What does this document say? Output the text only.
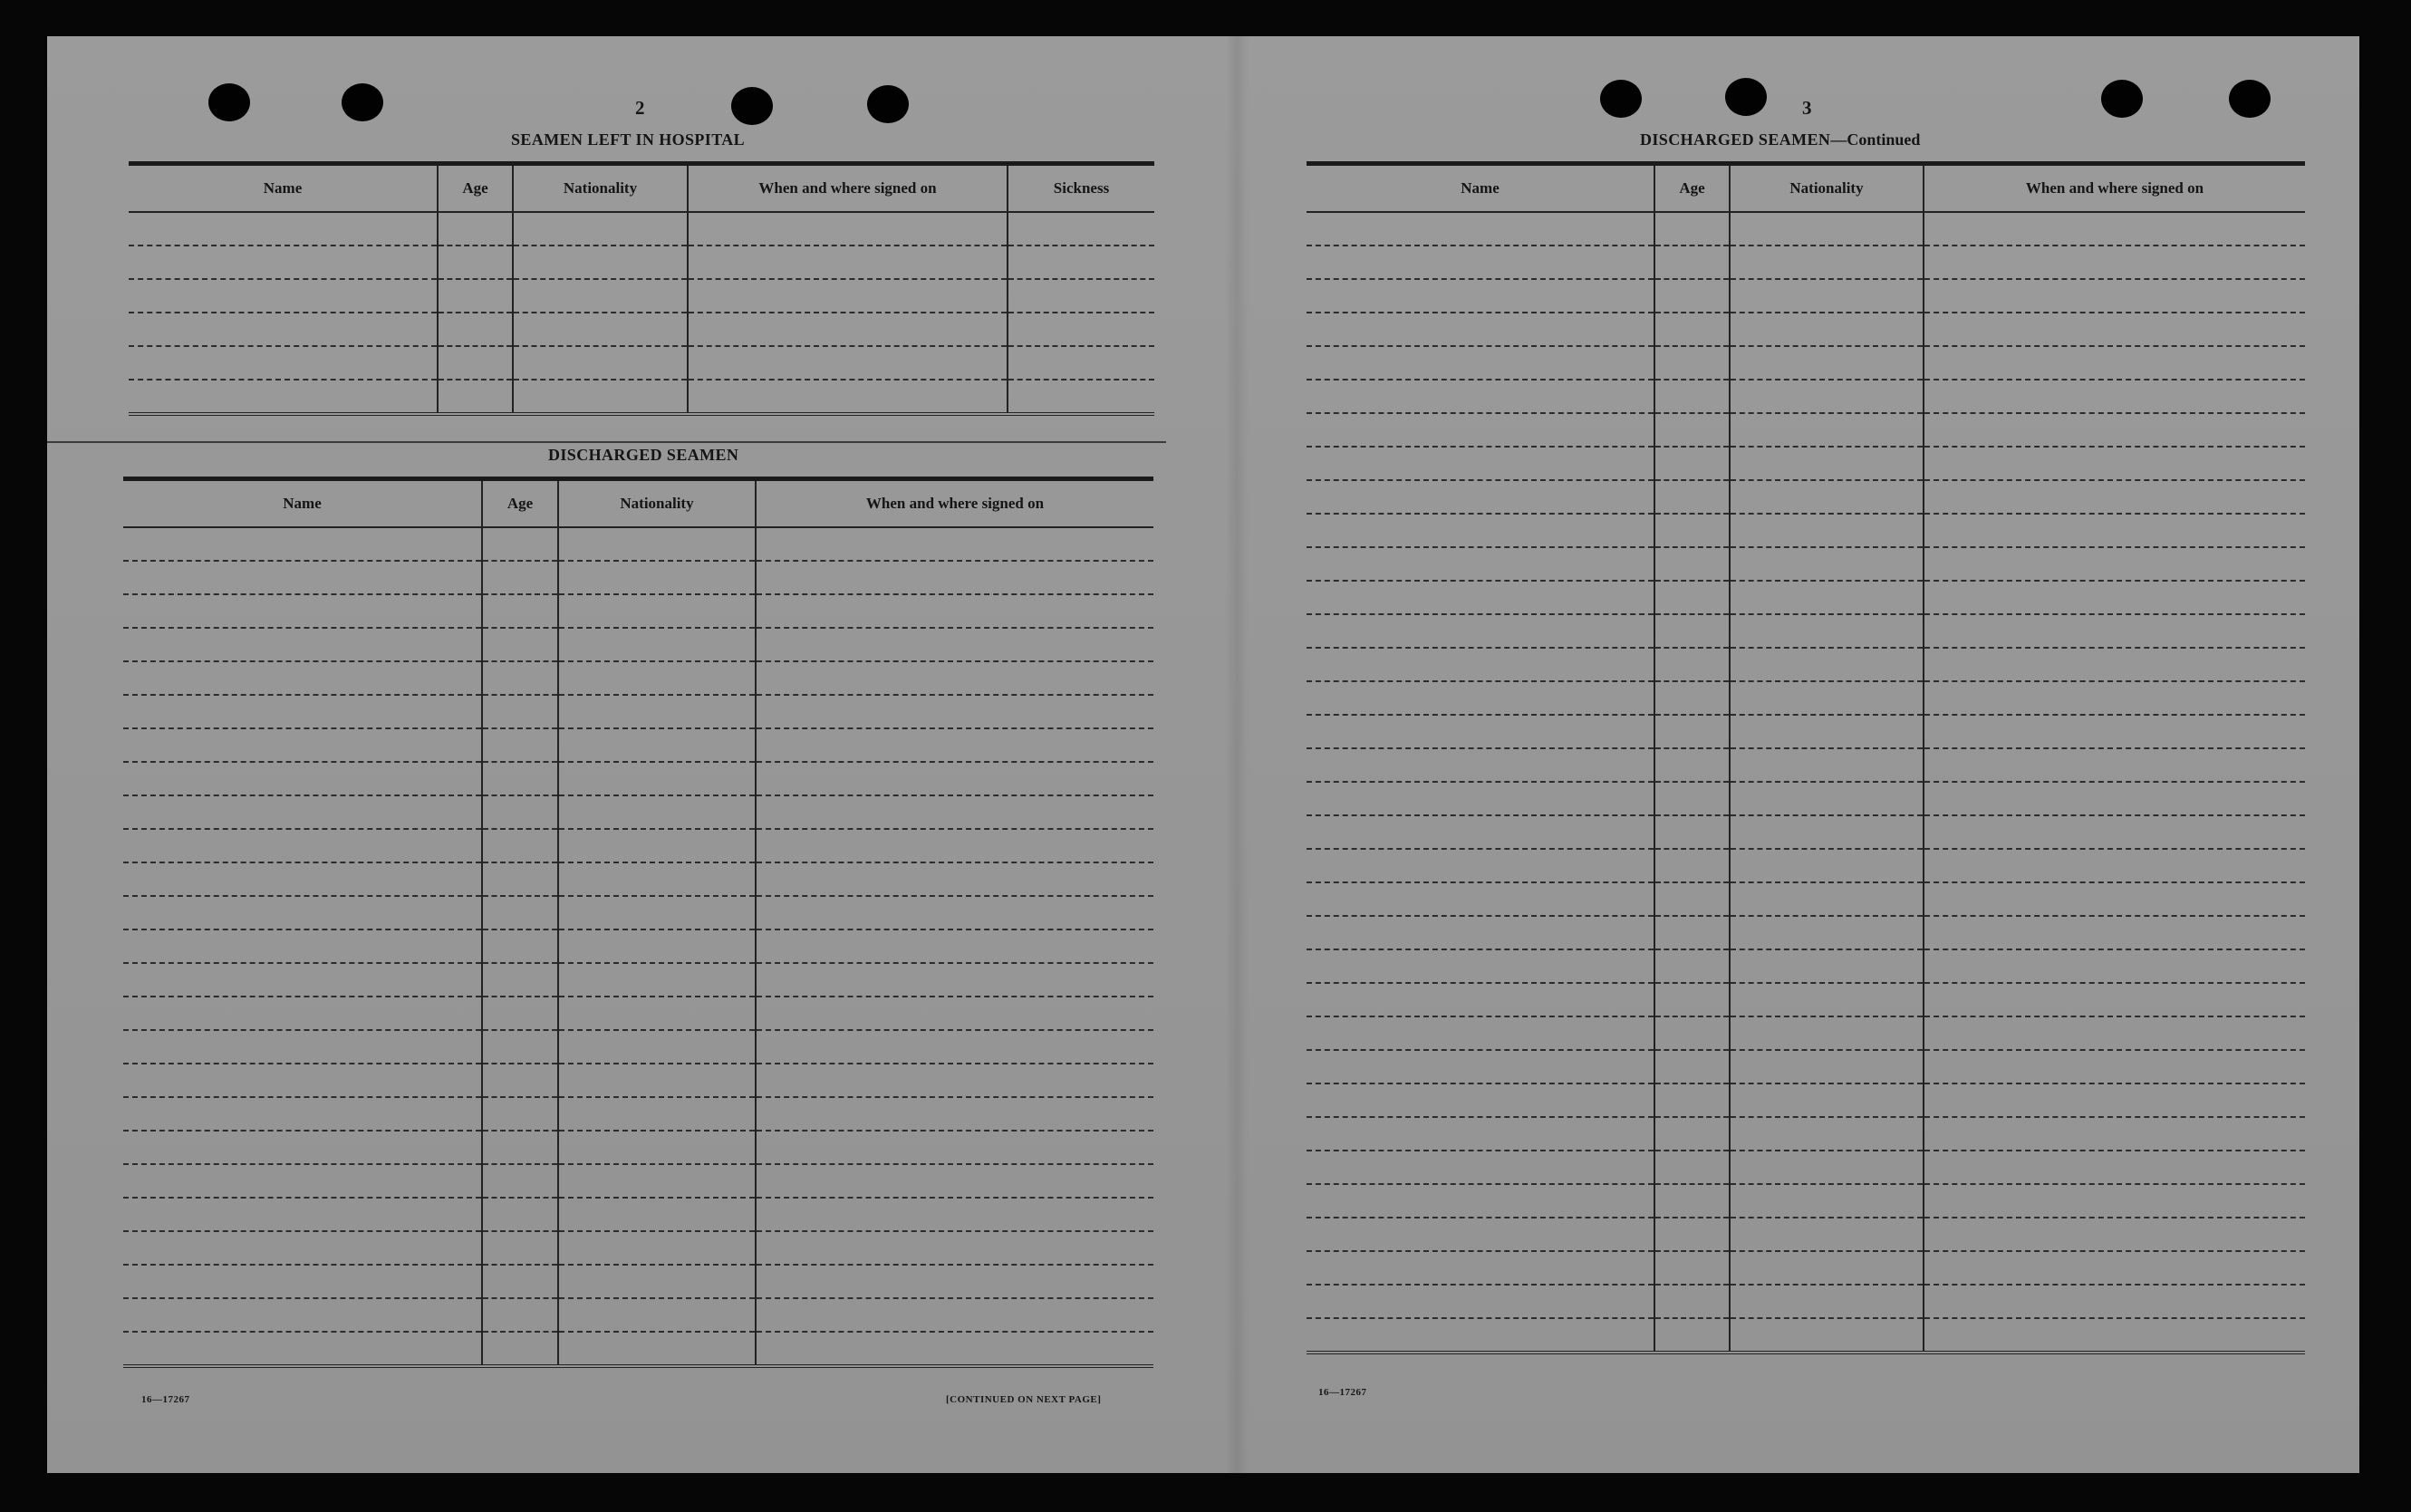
2
SEAMEN LEFT IN HOSPITAL
Name	Age	Nationality	When and where signed on	Sickness

DISCHARGED SEAMEN
Name	Age	Nationality	When and where signed on

16—17267	[CONTINUED ON NEXT PAGE]
3
DISCHARGED SEAMEN—Continued
Name	Age	Nationality	When and where signed on

16—17267
